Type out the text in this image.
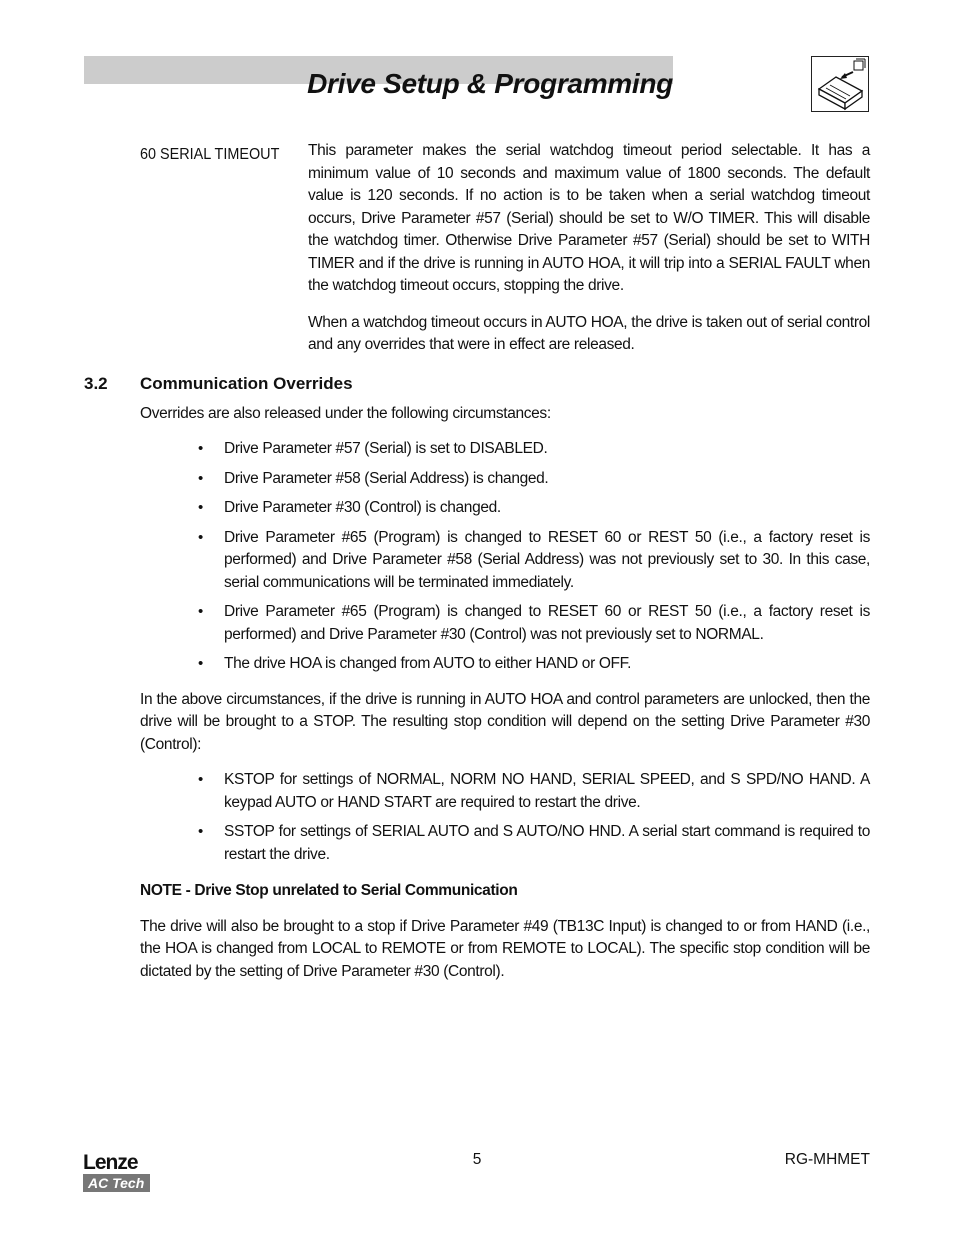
Drive Setup & Programming
60 SERIAL TIMEOUT This parameter makes the serial watchdog timeout period selectable. It has a minimum value of 10 seconds and maximum value of 1800 seconds. The default value is 120 seconds. If no action is to be taken when a serial watchdog timeout occurs, Drive Parameter #57 (Serial) should be set to W/O TIMER. This will disable the watchdog timer. Otherwise Drive Parameter #57 (Serial) should be set to WITH TIMER and if the drive is running in AUTO HOA, it will trip into a SERIAL FAULT when the watchdog timeout occurs, stopping the drive.

When a watchdog timeout occurs in AUTO HOA, the drive is taken out of serial control and any overrides that were in effect are released.

3.2 Communication Overrides

Overrides are also released under the following circumstances:

• Drive Parameter #57 (Serial) is set to DISABLED.
• Drive Parameter #58 (Serial Address) is changed.
• Drive Parameter #30 (Control) is changed.
• Drive Parameter #65 (Program) is changed to RESET 60 or REST 50 (i.e., a factory reset is performed) and Drive Parameter #58 (Serial Address) was not previously set to 30. In this case, serial communications will be terminated immediately.
• Drive Parameter #65 (Program) is changed to RESET 60 or REST 50 (i.e., a factory reset is performed) and Drive Parameter #30 (Control) was not previously set to NORMAL.
• The drive HOA is changed from AUTO to either HAND or OFF.

In the above circumstances, if the drive is running in AUTO HOA and control parameters are unlocked, then the drive will be brought to a STOP. The resulting stop condition will depend on the setting Drive Parameter #30 (Control):

• KSTOP for settings of NORMAL, NORM NO HAND, SERIAL SPEED, and S SPD/NO HAND. A keypad AUTO or HAND START are required to restart the drive.
• SSTOP for settings of SERIAL AUTO and S AUTO/NO HND. A serial start command is required to restart the drive.
NOTE - Drive Stop unrelated to Serial Communication

The drive will also be brought to a stop if Drive Parameter #49 (TB13C Input) is changed to or from HAND (i.e., the HOA is changed from LOCAL to REMOTE or from REMOTE to LOCAL). The specific stop condition will be dictated by the setting of Drive Parameter #30 (Control).

Lenze
AC Tech
5	RG-MHMET
